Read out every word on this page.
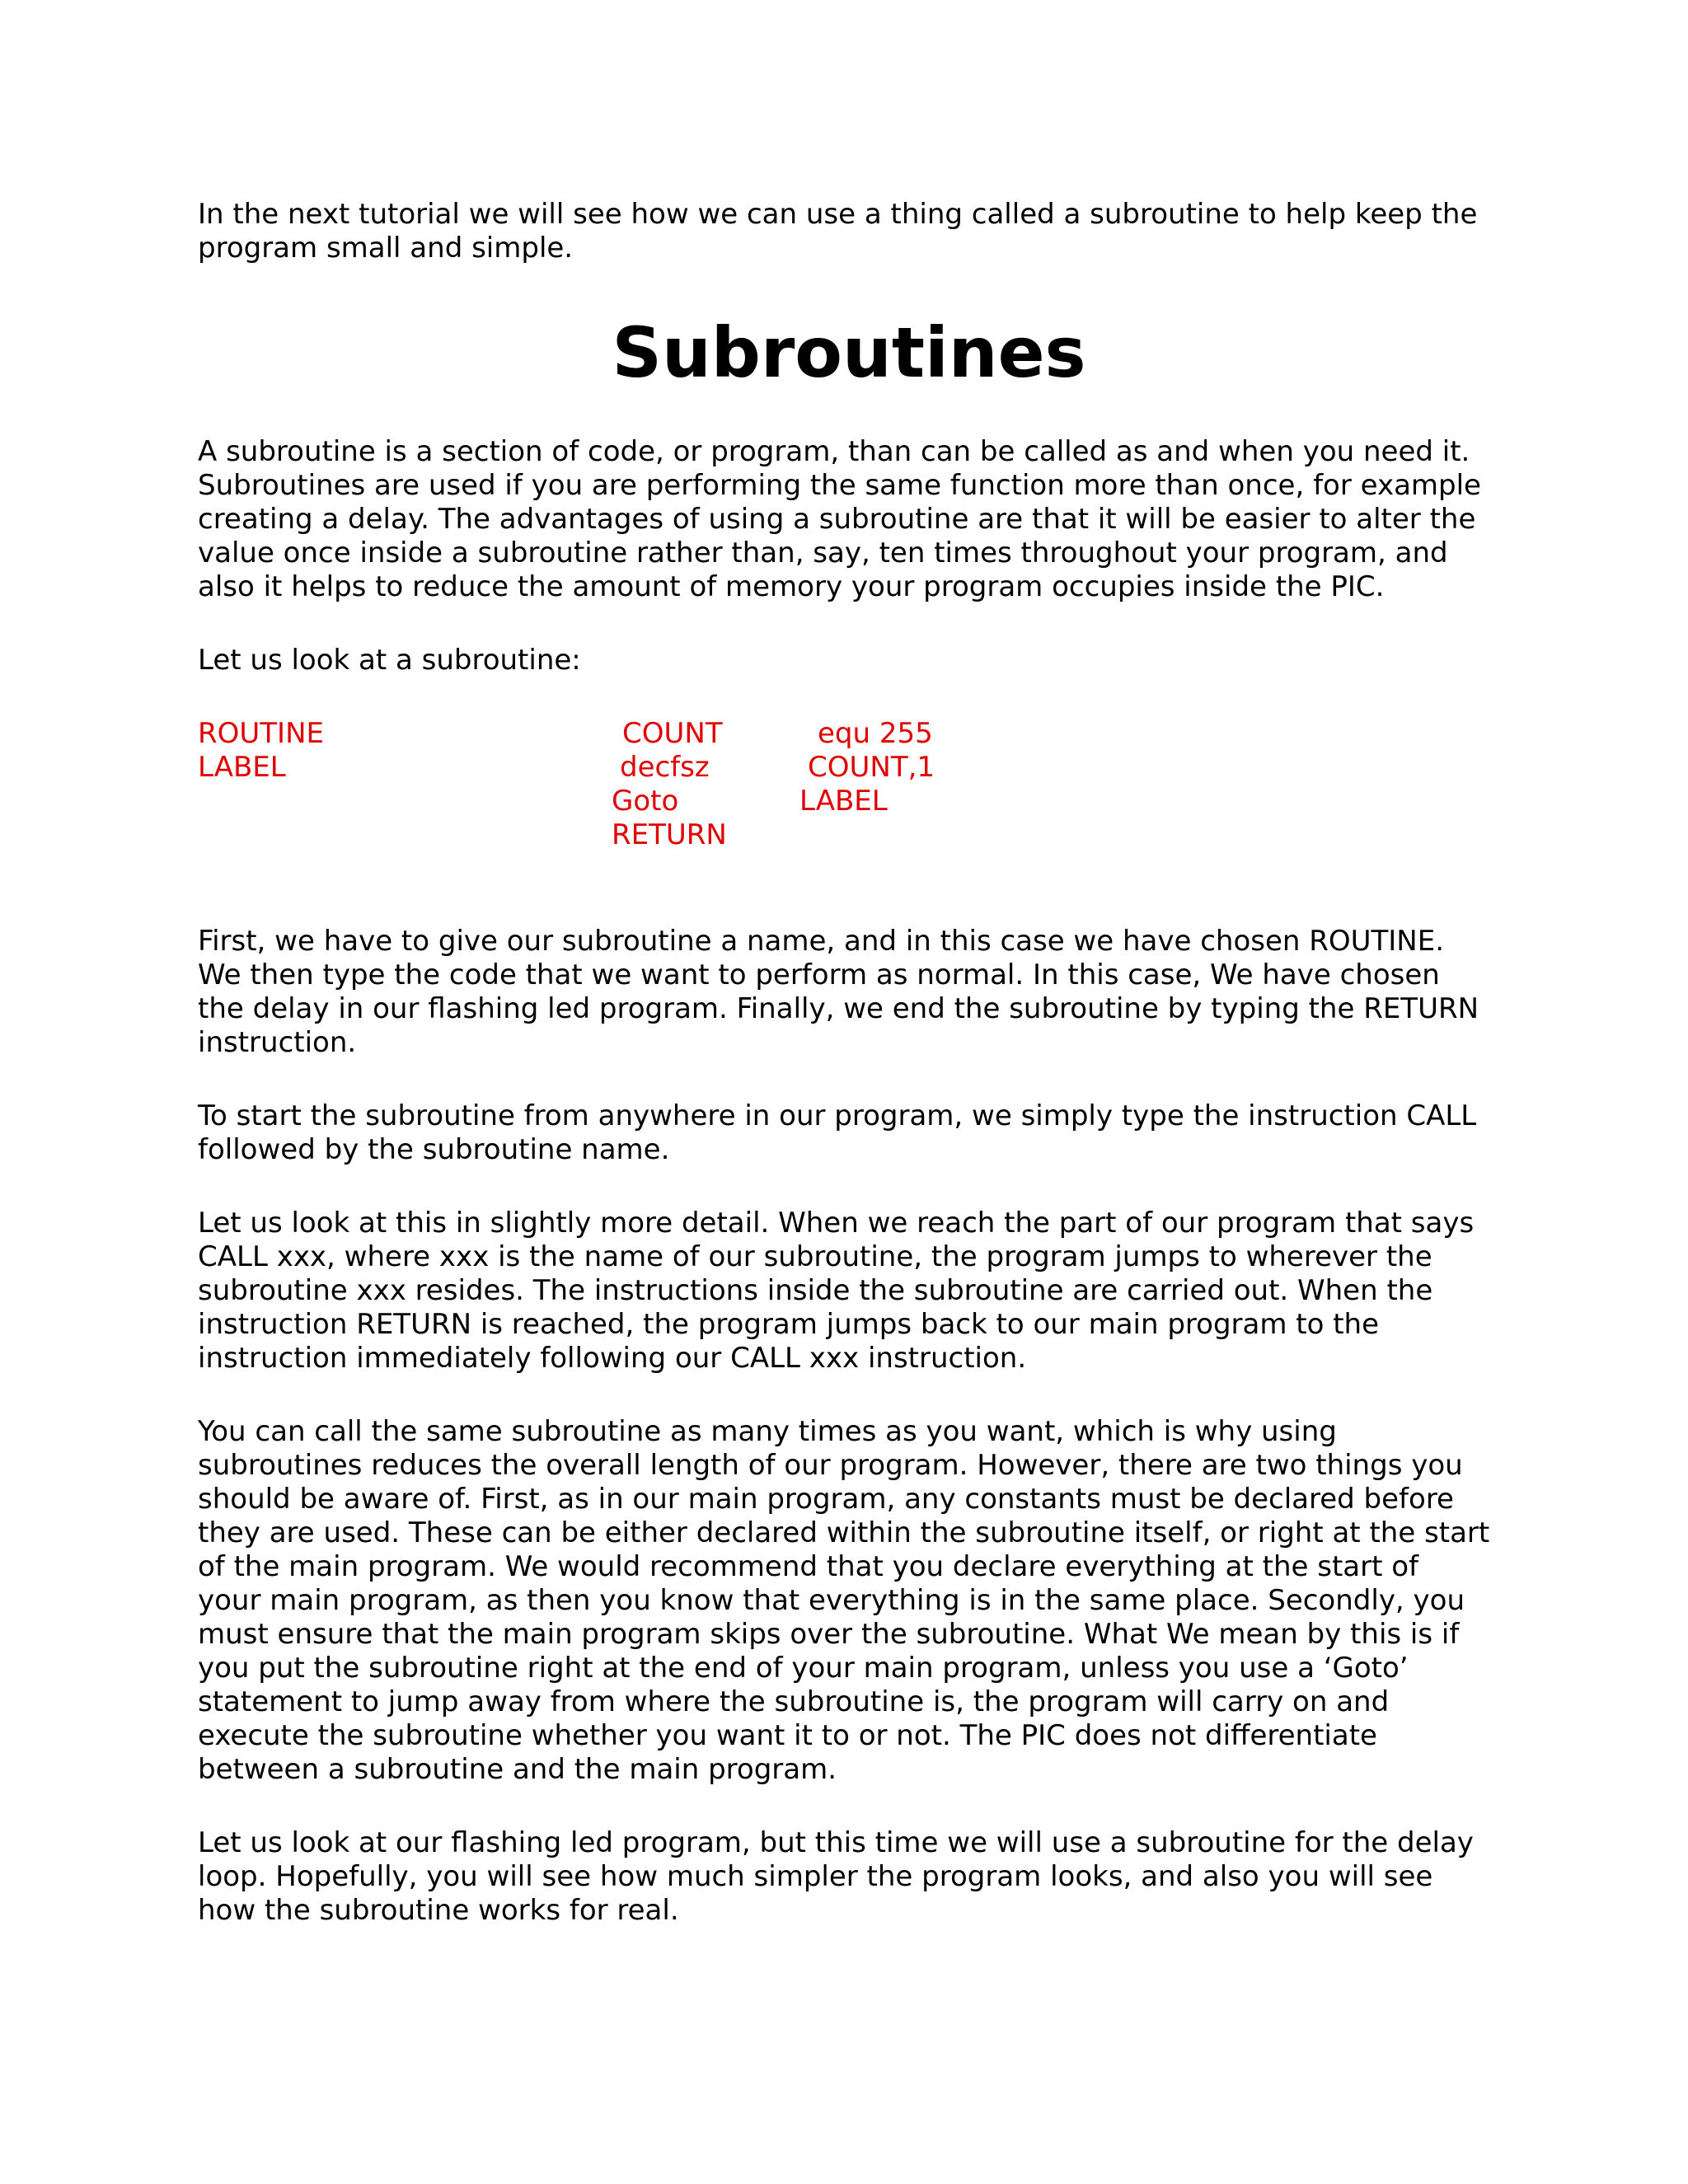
In the next tutorial we will see how we can use a thing called a subroutine to help keep the
program small and simple.

Subroutines

A subroutine is a section of code, or program, than can be called as and when you need it.
Subroutines are used if you are performing the same function more than once, for example
creating a delay. The advantages of using a subroutine are that it will be easier to alter the
value once inside a subroutine rather than, say, ten times throughout your program, and
also it helps to reduce the amount of memory your program occupies inside the PIC.

Let us look at a subroutine:

ROUTINE
LABEL
COUNT
decfsz
Goto
RETURN
equ 255
COUNT,1
LABEL

First, we have to give our subroutine a name, and in this case we have chosen ROUTINE.
We then type the code that we want to perform as normal. In this case, We have chosen
the delay in our flashing led program. Finally, we end the subroutine by typing the RETURN
instruction.

To start the subroutine from anywhere in our program, we simply type the instruction CALL
followed by the subroutine name.

Let us look at this in slightly more detail. When we reach the part of our program that says
CALL xxx, where xxx is the name of our subroutine, the program jumps to wherever the
subroutine xxx resides. The instructions inside the subroutine are carried out. When the
instruction RETURN is reached, the program jumps back to our main program to the
instruction immediately following our CALL xxx instruction.

You can call the same subroutine as many times as you want, which is why using
subroutines reduces the overall length of our program. However, there are two things you
should be aware of. First, as in our main program, any constants must be declared before
they are used. These can be either declared within the subroutine itself, or right at the start
of the main program. We would recommend that you declare everything at the start of
your main program, as then you know that everything is in the same place. Secondly, you
must ensure that the main program skips over the subroutine. What We mean by this is if
you put the subroutine right at the end of your main program, unless you use a ‘Goto’
statement to jump away from where the subroutine is, the program will carry on and
execute the subroutine whether you want it to or not. The PIC does not differentiate
between a subroutine and the main program.

Let us look at our flashing led program, but this time we will use a subroutine for the delay
loop. Hopefully, you will see how much simpler the program looks, and also you will see
how the subroutine works for real.
